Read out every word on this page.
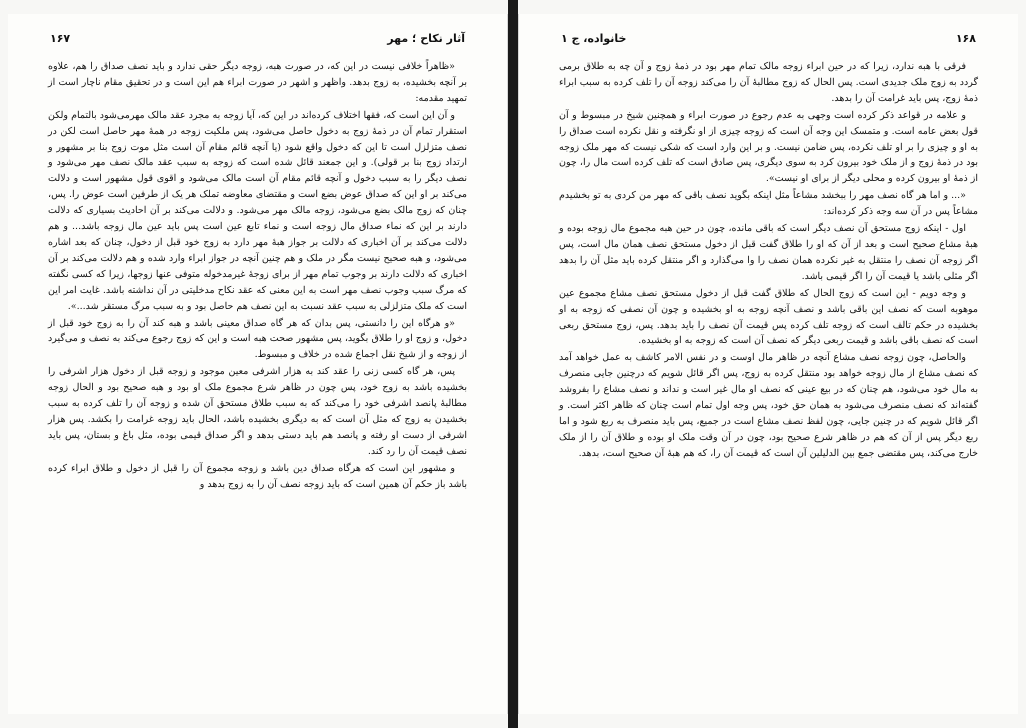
۱۶۷	آثار نکاح ؛ مهر

«ظاهراً خلافی نیست در این که، در صورت هبه، زوجه دیگر حقی ندارد و باید نصف صداق را هم، علاوه بر آنچه بخشیده، به زوج بدهد. واظهر و اشهر در صورت ابراء هم این است و در تحقیق مقام ناچار است از تمهید مقدمه:

و آن این است که، فقها اختلاف کرده‌اند در این که، آیا زوجه به مجرد عقد مالک مهرمی‌شود بالتمام ولکن استقرار تمام آن در ذمهٔ زوج به دخول حاصل می‌شود، پس ملکیت زوجه در همهٔ مهر حاصل است لکن در نصف متزلزل است تا این که دخول واقع شود (یا آنچه قائم مقام آن است مثل موت زوج بنا بر مشهور و ارتداد زوج بنا بر قولی). و این جمعند قائل شده است که زوجه به سبب عقد مالک نصف مهر می‌شود و نصف دیگر را به سبب دخول و آنچه قائم مقام آن است مالک می‌شود و اقوی قول مشهور است و دلالت می‌کند بر او این که صداق عوض بضع است و مقتضای معاوضه تملک هر یک از طرفین است عوض را. پس، چنان که زوج مالک بضع می‌شود، زوجه مالک مهر می‌شود. و دلالت می‌کند بر آن احادیث بسیاری که دلالت دارند بر این که نماء صداق مال زوجه است و نماء تابع عین است پس باید عین مال زوجه باشد... و هم دلالت می‌کند بر آن اخباری که دلالت بر جواز هبهٔ مهر دارد به زوج خود قبل از دخول، چنان که بعد اشاره می‌شود، و هبه صحیح نیست مگر در ملک و هم چنین آنچه در جواز ابراء وارد شده و هم دلالت می‌کند بر آن اخباری که دلالت دارند بر وجوب تمام مهر از برای زوجهٔ غیرمدخوله متوفی عنها زوجها، زیرا که کسی نگفته که مرگ سبب وجوب نصف مهر است به این معنی که عقد نکاح مدخلیتی در آن نداشته باشد. غایت امر این است که ملک متزلزلی به سبب عقد نسبت به این نصف هم حاصل بود و به سبب مرگ مستقر شد...».

«و هرگاه این را دانستی، پس بدان که هر گاه صداق معینی باشد و هبه کند آن را به زوج خود قبل از دخول، و زوج او را طلاق بگوید، پس مشهور صحت هبه است و این که زوج رجوع می‌کند به نصف و می‌گیرد از زوجه و از شیخ نقل اجماع شده در خلاف و مبسوط.

پس، هر گاه کسی زنی را عقد کند به هزار اشرفی معین موجود و زوجه قبل از دخول هزار اشرفی را بخشیده باشد به زوج خود، پس چون در ظاهر شرع مجموع ملک او بود و هبه صحیح بود و الحال زوجه مطالبهٔ پانصد اشرفی خود را می‌کند که به سبب طلاق مستحق آن شده و زوجه آن را تلف کرده به سبب بخشیدن به زوج که مثل آن است که به دیگری بخشیده باشد، الحال باید زوجه غرامت را بکشد. پس هزار اشرفی از دست او رفته و پانصد هم باید دستی بدهد و اگر صداق قیمی بوده، مثل باغ و بستان، پس باید نصف قیمت آن را رد کند.

و مشهور این است که هرگاه صداق دین باشد و زوجه مجموع آن را قبل از دخول و طلاق ابراء کرده باشد باز حکم آن همین است که باید زوجه نصف آن را به زوج بدهد و

خانواده، ج ۱	۱۶۸

فرقی با هبه ندارد، زیرا که در حین ابراء زوجه مالک تمام مهر بود در ذمهٔ زوج و آن چه به طلاق برمی گردد به زوج ملک جدیدی است. پس الحال که زوج مطالبهٔ آن را می‌کند زوجه آن را تلف کرده به سبب ابراء ذمهٔ زوج، پس باید غرامت آن را بدهد.

و علامه در قواعد ذکر کرده است وجهی به عدم رجوع در صورت ابراء و همچنین شیخ در مبسوط و آن قول بعض عامه است. و متمسک این وجه آن است که زوجه چیزی از او نگرفته و نقل نکرده است صداق را به او و چیزی را بر او تلف نکرده، پس ضامن نیست. و بر این وارد است که شکی نیست که مهر ملک زوجه بود در ذمهٔ زوج و از ملک خود بیرون کرد به سوی دیگری، پس صادق است که تلف کرده است مال را، چون از ذمهٔ او بیرون کرده و محلی دیگر از برای او نیست».

«... و اما هر گاه نصف مهر را ببخشد مشاعاً مثل اینکه بگوید نصف باقی که مهر من کردی به تو بخشیدم مشاعاً پس در آن سه وجه ذکر کرده‌اند:

اول - اینکه زوج مستحق آن نصف دیگر است که باقی مانده، چون در حین هبه مجموع مال زوجه بوده و هبهٔ مشاع صحیح است و بعد از آن که او را طلاق گفت قبل از دخول مستحق نصف همان مال است، پس اگر زوجه آن نصف را منتقل به غیر نکرده همان نصف را وا می‌گذارد و اگر منتقل کرده باید مثل آن را بدهد اگر مثلی باشد یا قیمت آن را اگر قیمی باشد.

و وجه دویم - این است که زوج الحال که طلاق گفت قبل از دخول مستحق نصف مشاع مجموع عین موهوبه است که نصف این باقی باشد و نصف آنچه زوجه به او بخشیده و چون آن نصفی که زوجه به او بخشیده در حکم تالف است که زوجه تلف کرده پس قیمت آن نصف را باید بدهد. پس، زوج مستحق ربعی است که نصف باقی باشد و قیمت ربعی دیگر که نصف آن است که زوجه به او بخشیده.

والحاصل، چون زوجه نصف مشاع آنچه در ظاهر مال اوست و در نفس الامر کاشف به عمل خواهد آمد که نصف مشاع از مال زوجه خواهد بود منتقل کرده به زوج، پس اگر قائل شویم که درچنین جایی منصرف به مال خود می‌شود، هم چنان که در بیع عینی که نصف او مال غیر است و نداند و نصف مشاع را بفروشد گفته‌اند که نصف منصرف می‌شود به همان حق خود، پس وجه اول تمام است چنان که ظاهر اکثر است. و اگر قائل شویم که در چنین جایی، چون لفظ نصف مشاع است در جمیع، پس باید منصرف به ربع شود و اما ربع دیگر پس از آن که هم در ظاهر شرع صحیح بود، چون در آن وقت ملک او بوده و طلاق آن را از ملک خارج می‌کند، پس مقتضی جمع بین الدلیلین آن است که قیمت آن را، که هم هبهٔ آن صحیح است، بدهد.
